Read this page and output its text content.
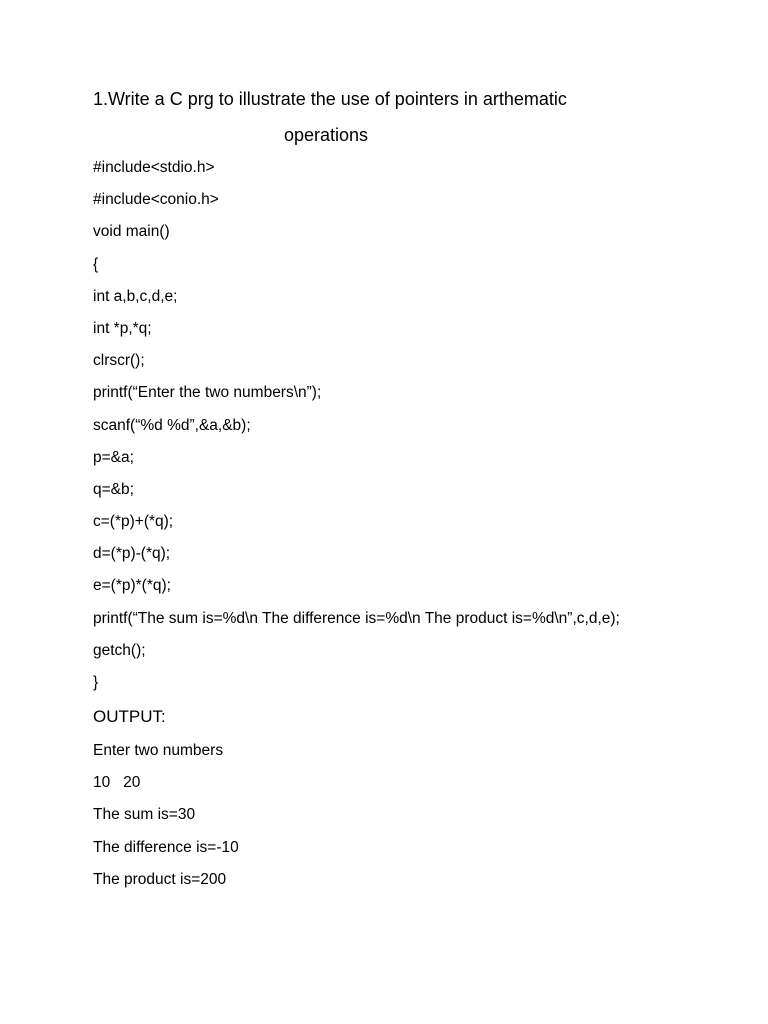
1.Write a C prg to illustrate the use of pointers in arthematic
operations
#include<stdio.h>
#include<conio.h>
void main()
{
int a,b,c,d,e;
int *p,*q;
clrscr();
printf(“Enter the two numbers\n”);
scanf(“%d %d”,&a,&b);
p=&a;
q=&b;
c=(*p)+(*q);
d=(*p)-(*q);
e=(*p)*(*q);
printf(“The sum is=%d\n The difference is=%d\n The product is=%d\n”,c,d,e);
getch();
}
OUTPUT:
Enter two numbers
10   20
The sum is=30
The difference is=-10
The product is=200
